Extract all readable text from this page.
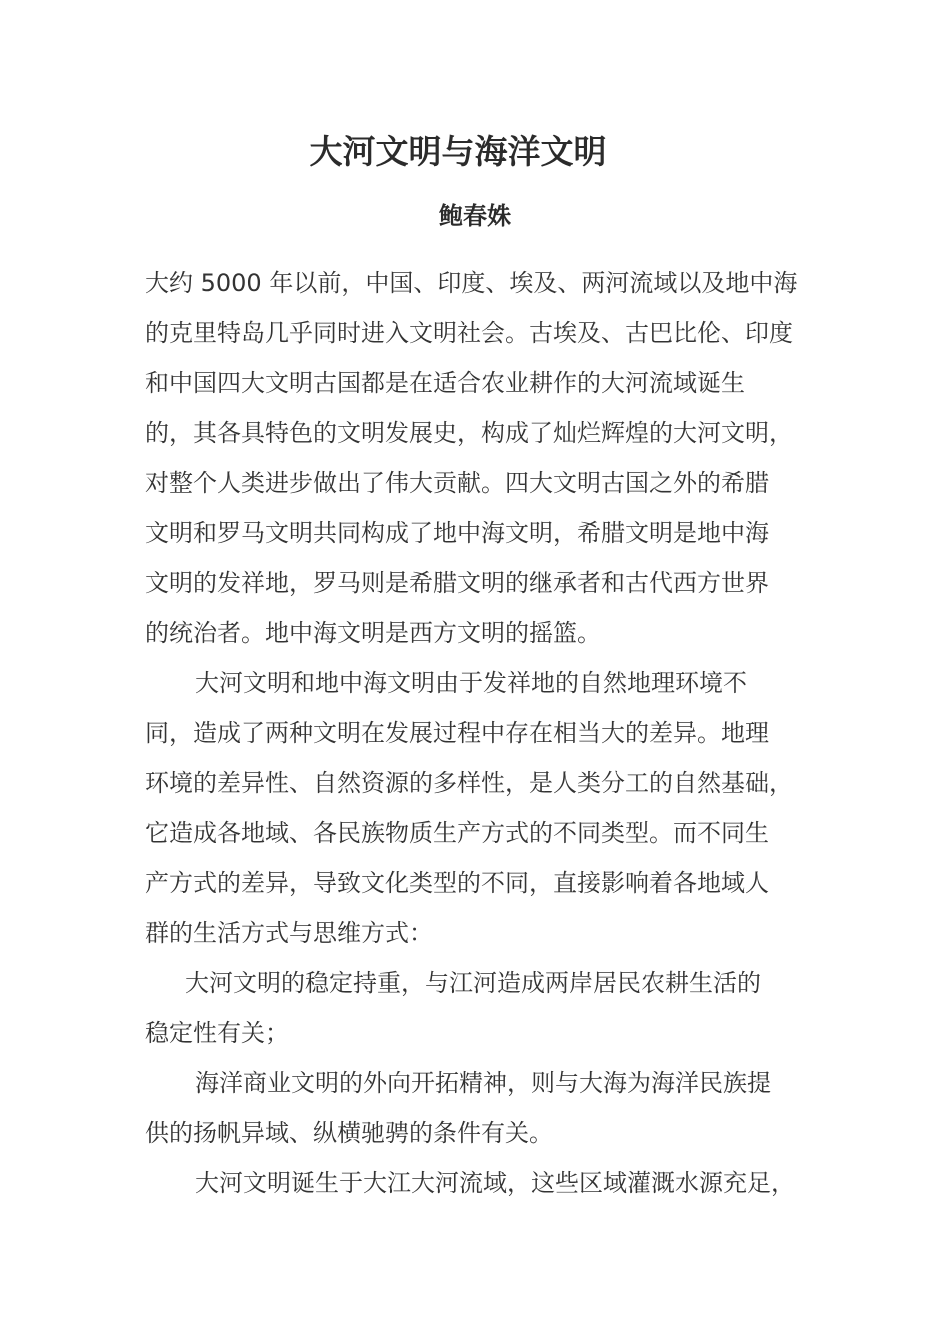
大河文明与海洋文明
鲍春姝
大约 5000 年以前，中国、印度、埃及、两河流域以及地中海
的克里特岛几乎同时进入文明社会。古埃及、古巴比伦、印度
和中国四大文明古国都是在适合农业耕作的大河流域诞生
的，其各具特色的文明发展史，构成了灿烂辉煌的大河文明，
对整个人类进步做出了伟大贡献。四大文明古国之外的希腊
文明和罗马文明共同构成了地中海文明，希腊文明是地中海
文明的发祥地，罗马则是希腊文明的继承者和古代西方世界
的统治者。地中海文明是西方文明的摇篮。
大河文明和地中海文明由于发祥地的自然地理环境不
同，造成了两种文明在发展过程中存在相当大的差异。地理
环境的差异性、自然资源的多样性，是人类分工的自然基础，
它造成各地域、各民族物质生产方式的不同类型。而不同生
产方式的差异，导致文化类型的不同，直接影响着各地域人
群的生活方式与思维方式：
大河文明的稳定持重，与江河造成两岸居民农耕生活的
稳定性有关；
海洋商业文明的外向开拓精神，则与大海为海洋民族提
供的扬帆异域、纵横驰骋的条件有关。
大河文明诞生于大江大河流域，这些区域灌溉水源充足，
